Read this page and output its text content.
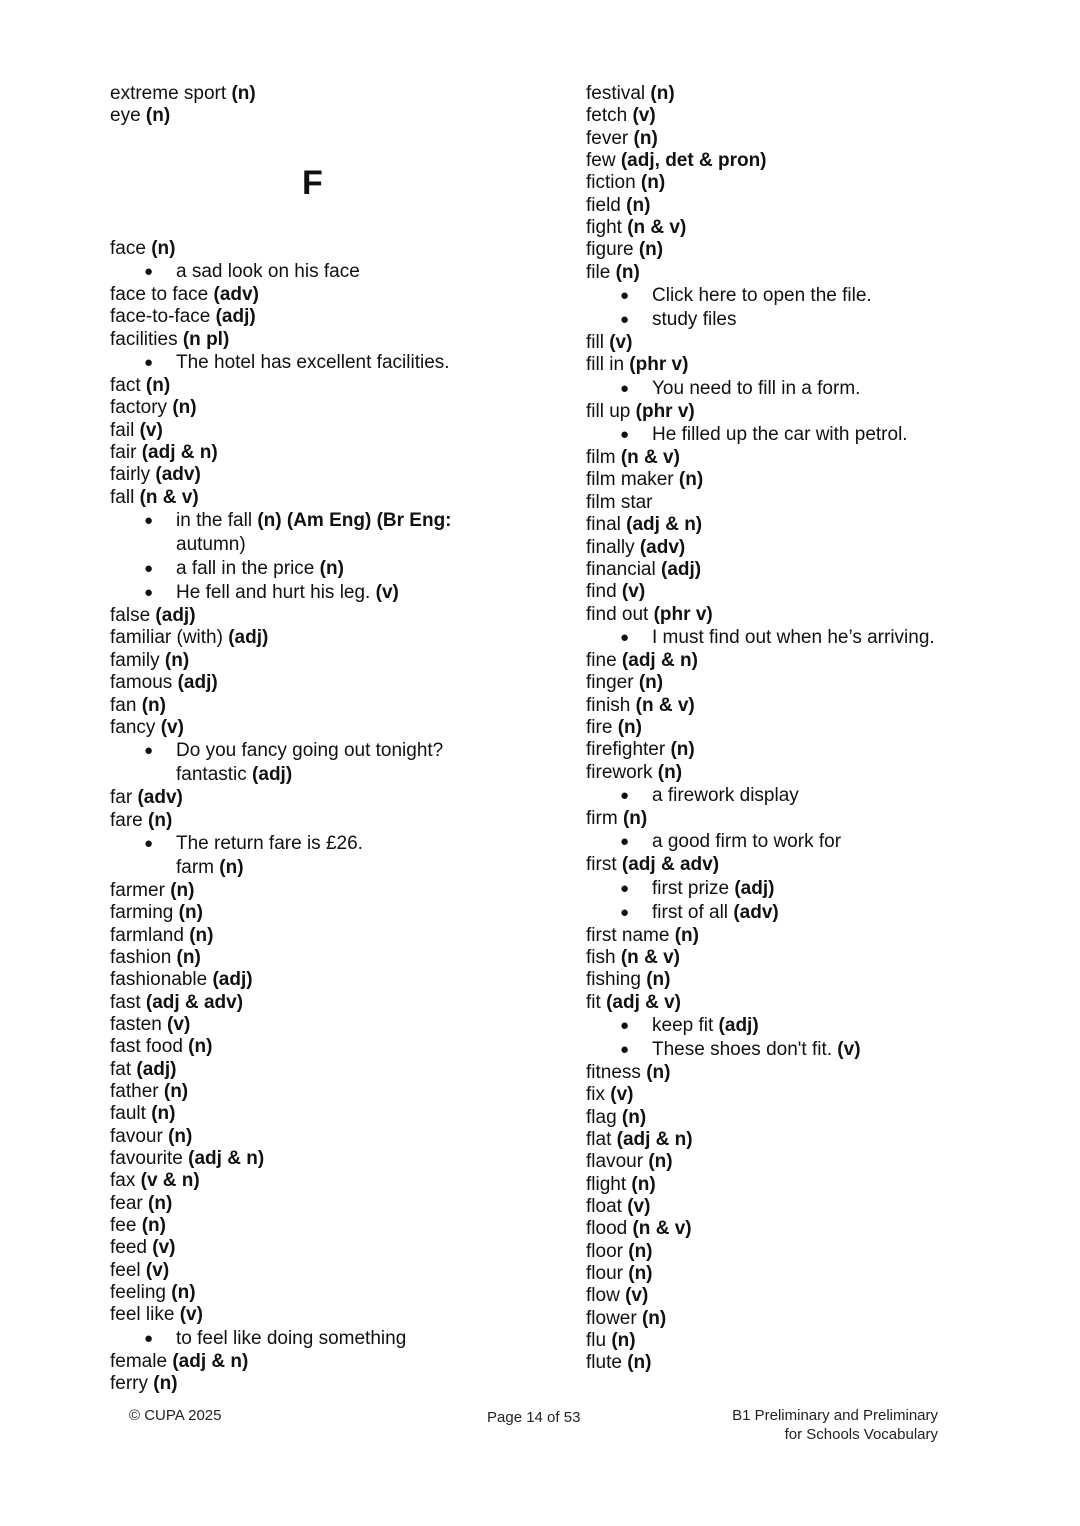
extreme sport (n)
eye (n)
F
face (n)
● a sad look on his face
face to face (adv)
face-to-face (adj)
facilities (n pl)
● The hotel has excellent facilities.
fact (n)
factory (n)
fail (v)
fair (adj & n)
fairly (adv)
fall (n & v)
● in the fall (n) (Am Eng) (Br Eng:
autumn)
● a fall in the price (n)
● He fell and hurt his leg. (v)
false (adj)
familiar (with) (adj)
family (n)
famous (adj)
fan (n)
fancy (v)
● Do you fancy going out tonight?
fantastic (adj)
far (adv)
fare (n)
● The return fare is £26.
farm (n)
farmer (n)
farming (n)
farmland (n)
fashion (n)
fashionable (adj)
fast (adj & adv)
fasten (v)
fast food (n)
fat (adj)
father (n)
fault (n)
favour (n)
favourite (adj & n)
fax (v & n)
fear (n)
fee (n)
feed (v)
feel (v)
feeling (n)
feel like (v)
● to feel like doing something
female (adj & n)
ferry (n)
festival (n)
fetch (v)
fever (n)
few (adj, det & pron)
fiction (n)
field (n)
fight (n & v)
figure (n)
file (n)
● Click here to open the file.
● study files
fill (v)
fill in (phr v)
● You need to fill in a form.
fill up (phr v)
● He filled up the car with petrol.
film (n & v)
film maker (n)
film star
final (adj & n)
finally (adv)
financial (adj)
find (v)
find out (phr v)
● I must find out when he’s arriving.
fine (adj & n)
finger (n)
finish (n & v)
fire (n)
firefighter (n)
firework (n)
● a firework display
firm (n)
● a good firm to work for
first (adj & adv)
● first prize (adj)
● first of all (adv)
first name (n)
fish (n & v)
fishing (n)
fit (adj & v)
● keep fit (adj)
● These shoes don't fit. (v)
fitness (n)
fix (v)
flag (n)
flat (adj & n)
flavour (n)
flight (n)
float (v)
flood (n & v)
floor (n)
flour (n)
flow (v)
flower (n)
flu (n)
flute (n)
© CUPA 2025	Page 14 of 53	B1 Preliminary and Preliminary
for Schools Vocabulary
